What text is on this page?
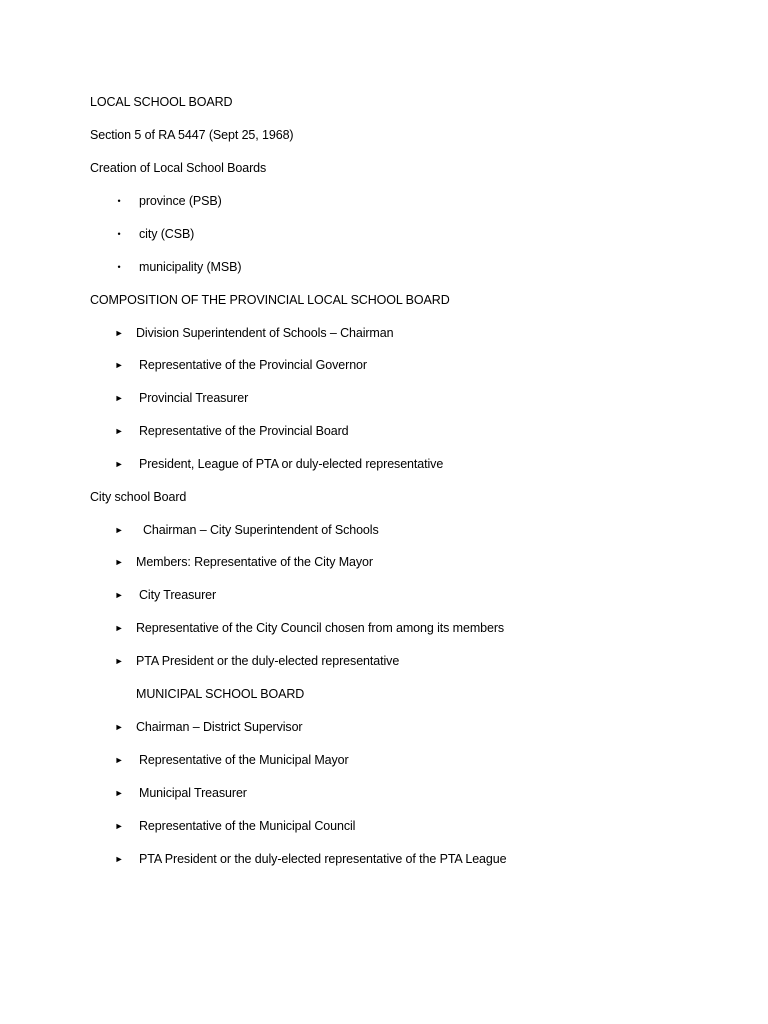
LOCAL SCHOOL BOARD
Section 5 of RA 5447 (Sept 25, 1968)
Creation of Local School Boards
•	province (PSB)
•	city (CSB)
•	municipality (MSB)
COMPOSITION OF THE PROVINCIAL LOCAL SCHOOL BOARD
► Division Superintendent of Schools – Chairman
► Representative of the Provincial Governor
► Provincial Treasurer
► Representative of the Provincial Board
► President, League of PTA or duly-elected representative
City school Board
► Chairman – City Superintendent of Schools
► Members: Representative of the City Mayor
► City Treasurer
► Representative of the City Council chosen from among its members
► PTA President or the duly-elected representative
MUNICIPAL SCHOOL BOARD
► Chairman – District Supervisor
► Representative of the Municipal Mayor
► Municipal Treasurer
► Representative of the Municipal Council
► PTA President or the duly-elected representative of the PTA League
